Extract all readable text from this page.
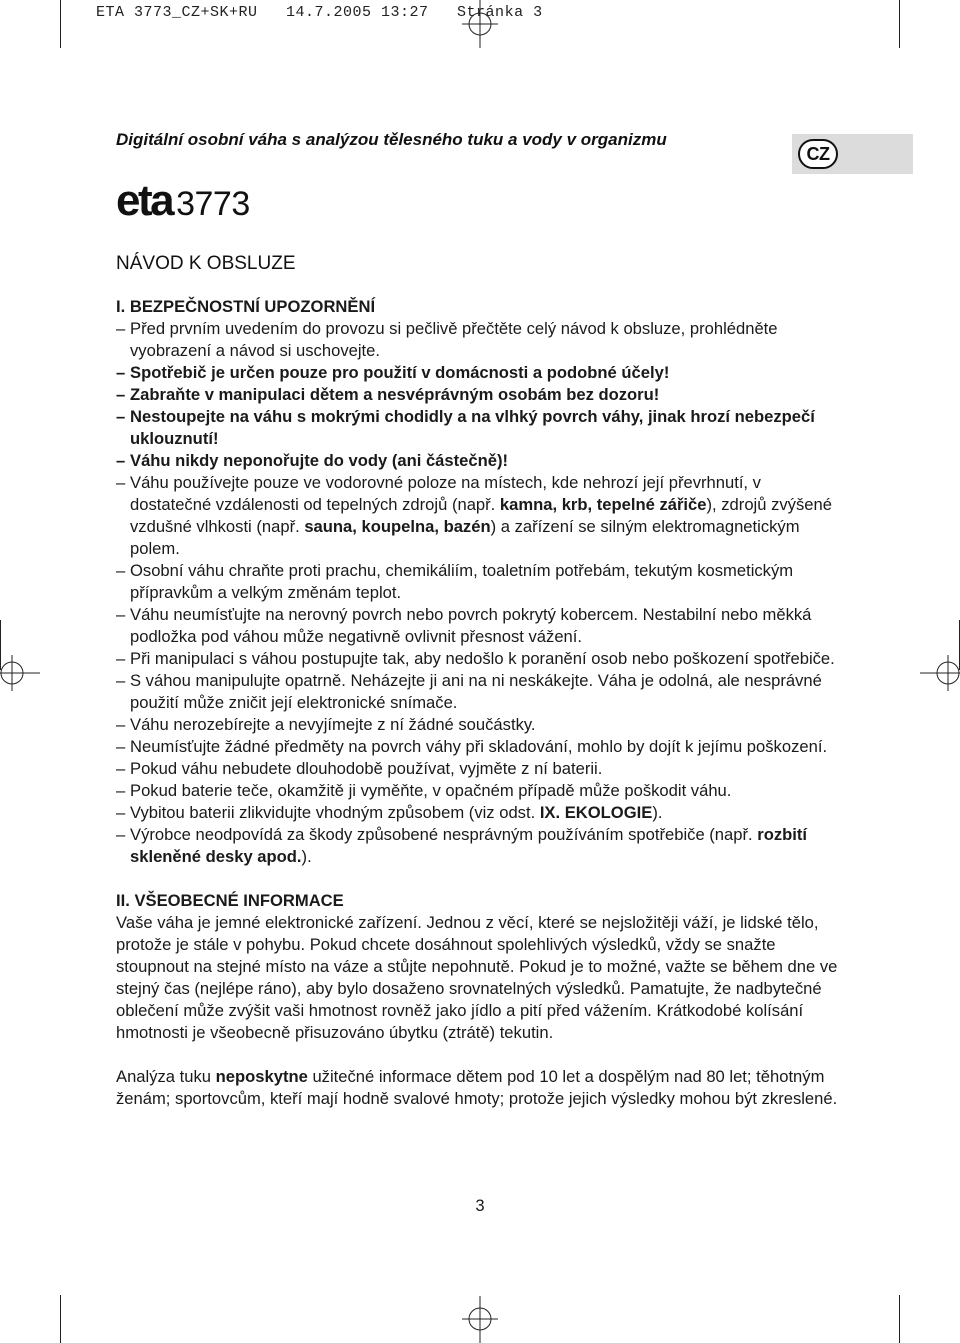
ETA 3773_CZ+SK+RU   14.7.2005 13:27   Stránka 3
Digitální osobní váha s analýzou tělesného tuku a vody v organizmu
CZ
eta 3773
NÁVOD K OBSLUZE
I. BEZPEČNOSTNÍ UPOZORNĚNÍ
– Před prvním uvedením do provozu si pečlivě přečtěte celý návod k obsluze, prohlédněte vyobrazení a návod si uschovejte.
– Spotřebič je určen pouze pro použití v domácnosti a podobné účely!
– Zabraňte v manipulaci dětem a nesvéprávným osobám bez dozoru!
– Nestoupejte na váhu s mokrými chodidly a na vlhký povrch váhy, jinak hrozí nebezpečí uklouznutí!
– Váhu nikdy neponořujte do vody (ani částečně)!
– Váhu používejte pouze ve vodorovné poloze na místech, kde nehrozí její převrhnutí, v dostatečné vzdálenosti od tepelných zdrojů (např. kamna, krb, tepelné zářiče), zdrojů zvýšené vzdušné vlhkosti (např. sauna, koupelna, bazén) a zařízení se silným elektromagnetickým polem.
– Osobní váhu chraňte proti prachu, chemikáliím, toaletním potřebám, tekutým kosmetickým přípravkům a velkým změnám teplot.
– Váhu neumísťujte na nerovný povrch nebo povrch pokrytý kobercem. Nestabilní nebo měkká podložka pod váhou může negativně ovlivnit přesnost vážení.
– Při manipulaci s váhou postupujte tak, aby nedošlo k poranění osob nebo poškození spotřebiče.
– S váhou manipulujte opatrně. Neházejte ji ani na ni neskákejte. Váha je odolná, ale nesprávné použití může zničit její elektronické snímače.
– Váhu nerozebírejte a nevyjímejte z ní žádné součástky.
– Neumísťujte žádné předměty na povrch váhy při skladování, mohlo by dojít k jejímu poškození.
– Pokud váhu nebudete dlouhodobě používat, vyjměte z ní baterii.
– Pokud baterie teče, okamžitě ji vyměňte, v opačném případě může poškodit váhu.
– Vybitou baterii zlikvidujte vhodným způsobem (viz odst. IX. EKOLOGIE).
– Výrobce neodpovídá za škody způsobené nesprávným používáním spotřebiče (např. rozbití skleněné desky apod.).
II. VŠEOBECNÉ INFORMACE

Vaše váha je jemné elektronické zařízení. Jednou z věcí, které se nejsložitěji váží, je lidské tělo, protože je stále v pohybu. Pokud chcete dosáhnout spolehlivých výsledků, vždy se snažte stoupnout na stejné místo na váze a stůjte nepohnutě. Pokud je to možné, važte se během dne ve stejný čas (nejlépe ráno), aby bylo dosaženo srovnatelných výsledků. Pamatujte, že nadbytečné oblečení může zvýšit vaši hmotnost rovněž jako jídlo a pití před vážením. Krátkodobé kolísání hmotnosti je všeobecně přisuzováno úbytku (ztrátě) tekutin.

Analýza tuku neposkytne užitečné informace dětem pod 10 let a dospělým nad 80 let; těhotným ženám; sportovcům, kteří mají hodně svalové hmoty; protože jejich výsledky mohou být zkreslené.

3
